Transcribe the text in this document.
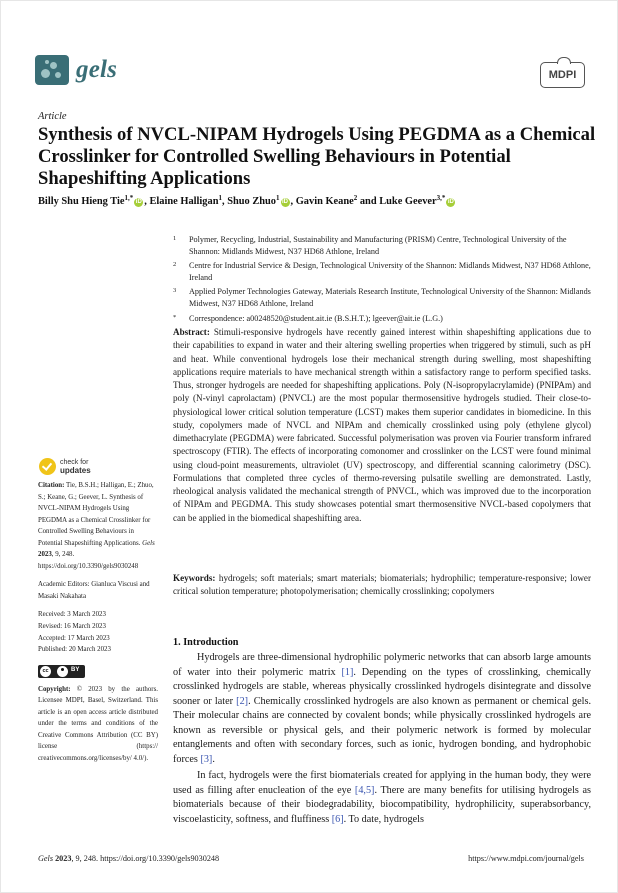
gels	MDPI
Article
Synthesis of NVCL-NIPAM Hydrogels Using PEGDMA as a Chemical Crosslinker for Controlled Swelling Behaviours in Potential Shapeshifting Applications
Billy Shu Hieng Tie$^{1,*}$ iD , Elaine Halligan$^1$, Shuo Zhuo$^1$ iD , Gavin Keane$^2$ and Luke Geever$^{3,*}$ iD
1 Polymer, Recycling, Industrial, Sustainability and Manufacturing (PRISM) Centre, Technological University of the Shannon: Midlands Midwest, N37 HD68 Athlone, Ireland
2 Centre for Industrial Service & Design, Technological University of the Shannon: Midlands Midwest, N37 HD68 Athlone, Ireland
3 Applied Polymer Technologies Gateway, Materials Research Institute, Technological University of the Shannon: Midlands Midwest, N37 HD68 Athlone, Ireland
* Correspondence: a00248520@student.ait.ie (B.S.H.T.); lgeever@ait.ie (L.G.)
Abstract: Stimuli-responsive hydrogels have recently gained interest within shapeshifting applications due to their capabilities to expand in water and their altering swelling properties when triggered by stimuli, such as pH and heat. While conventional hydrogels lose their mechanical strength during swelling, most shapeshifting applications require materials to have mechanical strength within a satisfactory range to perform specified tasks. Thus, stronger hydrogels are needed for shapeshifting applications. Poly (N-isopropylacrylamide) (PNIPAm) and poly (N-vinyl caprolactam) (PNVCL) are the most popular thermosensitive hydrogels studied. Their close-to-physiological lower critical solution temperature (LCST) makes them superior candidates in biomedicine. In this study, copolymers made of NVCL and NIPAm and chemically crosslinked using poly (ethylene glycol) dimethacrylate (PEGDMA) were fabricated. Successful polymerisation was proven via Fourier transform infrared spectroscopy (FTIR). The effects of incorporating comonomer and crosslinker on the LCST were found minimal using cloud-point measurements, ultraviolet (UV) spectroscopy, and differential scanning calorimetry (DSC). Formulations that completed three cycles of thermo-reversing pulsatile swelling are demonstrated. Lastly, rheological analysis validated the mechanical strength of PNVCL, which was improved due to the incorporation of NIPAm and PEGDMA. This study showcases potential smart thermosensitive NVCL-based copolymers that can be applied in the biomedical shapeshifting area.
Keywords: hydrogels; soft materials; smart materials; biomaterials; hydrophilic; temperature-responsive; lower critical solution temperature; photopolymerisation; chemically crosslinking; copolymers
check for
updates

Citation: Tie, B.S.H.; Halligan, E.; Zhuo, S.; Keane, G.; Geever, L. Synthesis of NVCL-NIPAM Hydrogels Using PEGDMA as a Chemical Crosslinker for Controlled Swelling Behaviours in Potential Shapeshifting Applications. Gels 2023, 9, 248. https://doi.org/10.3390/gels9030248

Academic Editors: Gianluca Viscusi and Masaki Nakahata

Received: 3 March 2023
Revised: 16 March 2023
Accepted: 17 March 2023
Published: 20 March 2023
cc	BY

Copyright: © 2023 by the authors. Licensee MDPI, Basel, Switzerland. This article is an open access article distributed under the terms and conditions of the Creative Commons Attribution (CC BY) license (https:// creativecommons.org/licenses/by/ 4.0/).

1. Introduction

Hydrogels are three-dimensional hydrophilic polymeric networks that can absorb large amounts of water into their polymeric matrix [1]. Depending on the types of crosslinking, chemically crosslinked hydrogels are stable, whereas physically crosslinked hydrogels disintegrate and dissolve sooner or later [2]. Chemically crosslinked hydrogels are also known as permanent or chemical gels. Their molecular chains are connected by covalent bonds; while physically crosslinked hydrogels are known as reversible or physical gels, and their polymeric network is formed by molecular entanglements and often with secondary forces, such as ionic, hydrogen bonding, and hydrophobic forces [3].

In fact, hydrogels were the first biomaterials created for applying in the human body, they were used as filling after enucleation of the eye [4,5]. There are many benefits for utilising hydrogels as biomaterials because of their biodegradability, biocompatibility, hydrophilicity, superabsorbancy, viscoelasticity, softness, and fluffiness [6]. To date, hydrogels

Gels 2023, 9, 248. https://doi.org/10.3390/gels9030248	https://www.mdpi.com/journal/gels
